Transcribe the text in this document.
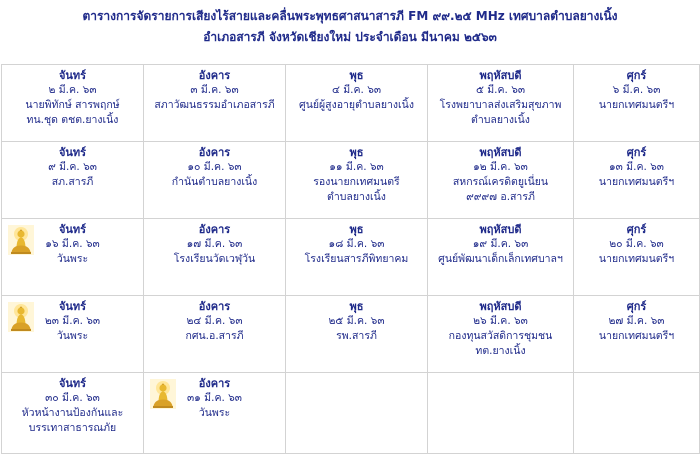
ตารางการจัดรายการเสียงไร้สายและคลื่นพระพุทธศาสนาสารภี FM ๙๙.๒๕ MHz เทศบาลตำบลยางเนิ้ง
อำเภอสารภี จังหวัดเชียงใหม่ ประจำเดือน มีนาคม ๒๕๖๓
จันทร์
๒ มี.ค. ๖๓
นายพิทักษ์ สารพฤกษ์
ทน.ชุด ตชต.ยางเนิ้ง	อังคาร
๓ มี.ค. ๖๓
สภาวัฒนธรรมอำเภอสารภี	พุธ
๔ มี.ค. ๖๓
ศูนย์ผู้สูงอายุตำบลยางเนิ้ง	พฤหัสบดี
๕ มี.ค. ๖๓
โรงพยาบาลส่งเสริมสุขภาพ
ตำบลยางเนิ้ง	ศุกร์
๖ มี.ค. ๖๓
นายกเทศมนตรีฯ

จันทร์
๙ มี.ค. ๖๓
สภ.สารภี	อังคาร
๑๐ มี.ค. ๖๓
กำนันตำบลยางเนิ้ง	พุธ
๑๑ มี.ค. ๖๓
รองนายกเทศมนตรี
ตำบลยางเนิ้ง	พฤหัสบดี
๑๒ มี.ค. ๖๓
สหกรณ์เครดิตยูเนี่ยน
๙๙๙๗ อ.สารภี	ศุกร์
๑๓ มี.ค. ๖๓
นายกเทศมนตรีฯ

จันทร์
๑๖ มี.ค. ๖๓
วันพระ	อังคาร
๑๗ มี.ค. ๖๓
โรงเรียนวัดเวฬุวัน	พุธ
๑๘ มี.ค. ๖๓
โรงเรียนสารภีพิทยาคม	พฤหัสบดี
๑๙ มี.ค. ๖๓
ศูนย์พัฒนาเด็กเล็กเทศบาลฯ	ศุกร์
๒๐ มี.ค. ๖๓
นายกเทศมนตรีฯ

จันทร์
๒๓ มี.ค. ๖๓
วันพระ	อังคาร
๒๔ มี.ค. ๖๓
กศน.อ.สารภี	พุธ
๒๕ มี.ค. ๖๓
รพ.สารภี	พฤหัสบดี
๒๖ มี.ค. ๖๓
กองทุนสวัสดิการชุมชน
ทต.ยางเนิ้ง	ศุกร์
๒๗ มี.ค. ๖๓
นายกเทศมนตรีฯ

จันทร์
๓๐ มี.ค. ๖๓
หัวหน้างานป้องกันและ
บรรเทาสาธารณภัย	อังคาร
๓๑ มี.ค. ๖๓
วันพระ			
